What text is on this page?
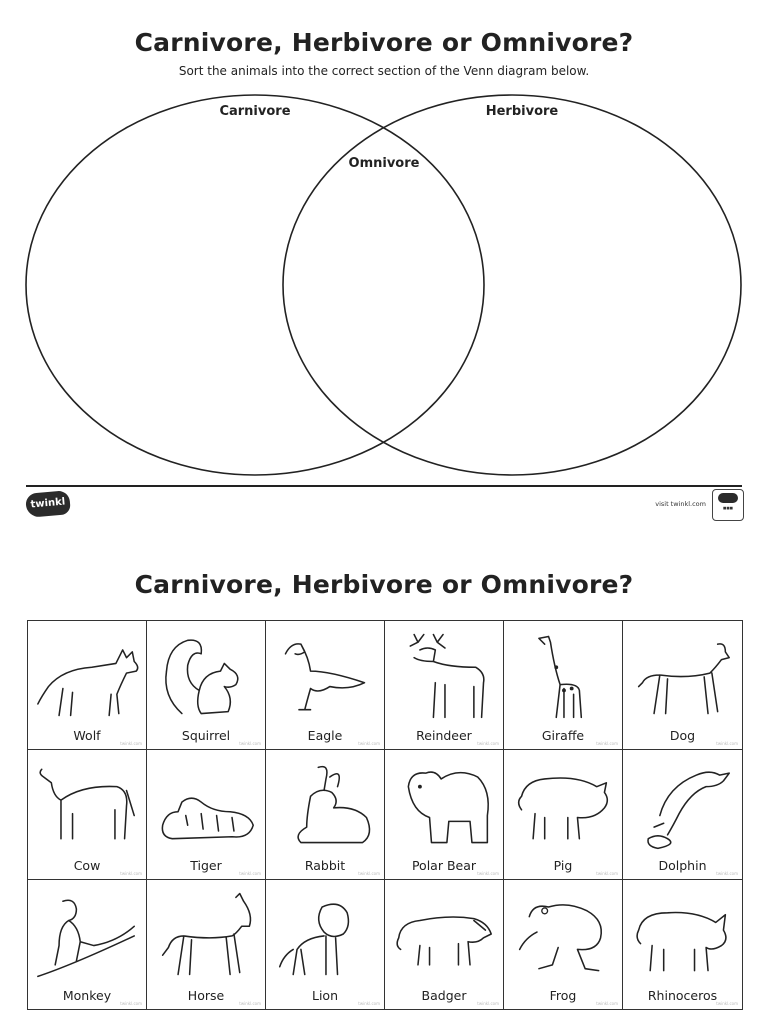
Carnivore, Herbivore or Omnivore?
Sort the animals into the correct section of the Venn diagram below.
Carnivore	Herbivore
Omnivore
twinkl	visit twinkl.com	■■■
Carnivore, Herbivore or Omnivore?
Wolf
twinkl.com
Squirrel
twinkl.com
Eagle
twinkl.com
Reindeer
twinkl.com
Giraffe
twinkl.com
Dog
twinkl.com
Cow
twinkl.com
Tiger
twinkl.com
Rabbit
twinkl.com
Polar Bear
twinkl.com
Pig
twinkl.com
Dolphin
twinkl.com
Monkey
twinkl.com
Horse
twinkl.com
Lion
twinkl.com
Badger
twinkl.com
Frog
twinkl.com
Rhinoceros
twinkl.com
